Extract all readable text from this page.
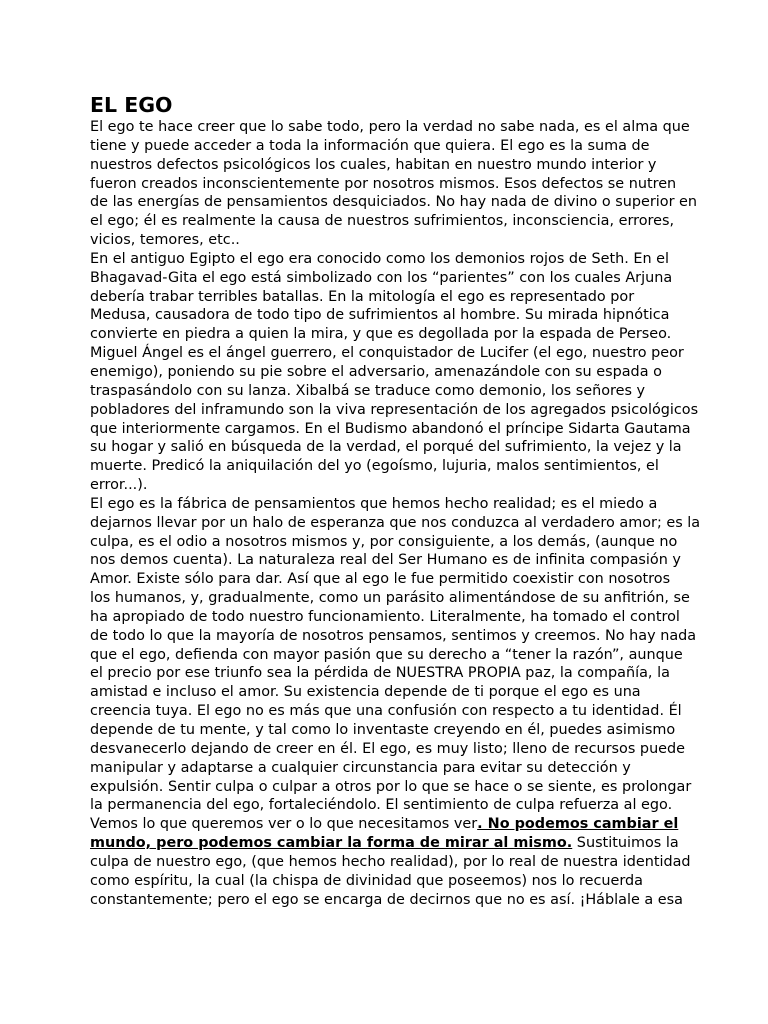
EL EGO
El ego te hace creer que lo sabe todo, pero la verdad no sabe nada, es el alma que
tiene y puede acceder a toda la información que quiera. El ego es la suma de
nuestros defectos psicológicos los cuales, habitan en nuestro mundo interior y
fueron creados inconscientemente por nosotros mismos. Esos defectos se nutren
de las energías de pensamientos desquiciados. No hay nada de divino o superior en
el ego; él es realmente la causa de nuestros sufrimientos, inconsciencia, errores,
vicios, temores, etc..
En el antiguo Egipto el ego era conocido como los demonios rojos de Seth. En el
Bhagavad-Gita el ego está simbolizado con los “parientes” con los cuales Arjuna
debería trabar terribles batallas. En la mitología el ego es representado por
Medusa, causadora de todo tipo de sufrimientos al hombre. Su mirada hipnótica
convierte en piedra a quien la mira, y que es degollada por la espada de Perseo.
Miguel Ángel es el ángel guerrero, el conquistador de Lucifer (el ego, nuestro peor
enemigo), poniendo su pie sobre el adversario, amenazándole con su espada o
traspasándolo con su lanza. Xibalbá se traduce como demonio, los señores y
pobladores del inframundo son la viva representación de los agregados psicológicos
que interiormente cargamos. En el Budismo abandonó el príncipe Sidarta Gautama
su hogar y salió en búsqueda de la verdad, el porqué del sufrimiento, la vejez y la
muerte. Predicó la aniquilación del yo (egoísmo, lujuria, malos sentimientos, el
error...).
El ego es la fábrica de pensamientos que hemos hecho realidad; es el miedo a
dejarnos llevar por un halo de esperanza que nos conduzca al verdadero amor; es la
culpa, es el odio a nosotros mismos y, por consiguiente, a los demás, (aunque no
nos demos cuenta). La naturaleza real del Ser Humano es de infinita compasión y
Amor. Existe sólo para dar. Así que al ego le fue permitido coexistir con nosotros
los humanos, y, gradualmente, como un parásito alimentándose de su anfitrión, se
ha apropiado de todo nuestro funcionamiento. Literalmente, ha tomado el control
de todo lo que la mayoría de nosotros pensamos, sentimos y creemos. No hay nada
que el ego, defienda con mayor pasión que su derecho a “tener la razón”, aunque
el precio por ese triunfo sea la pérdida de NUESTRA PROPIA paz, la compañía, la
amistad e incluso el amor. Su existencia depende de ti porque el ego es una
creencia tuya. El ego no es más que una confusión con respecto a tu identidad. Él
depende de tu mente, y tal como lo inventaste creyendo en él, puedes asimismo
desvanecerlo dejando de creer en él. El ego, es muy listo; lleno de recursos puede
manipular y adaptarse a cualquier circunstancia para evitar su detección y
expulsión. Sentir culpa o culpar a otros por lo que se hace o se siente, es prolongar
la permanencia del ego, fortaleciéndolo. El sentimiento de culpa refuerza al ego.
Vemos lo que queremos ver o lo que necesitamos ver. No podemos cambiar el
mundo, pero podemos cambiar la forma de mirar al mismo. Sustituimos la
culpa de nuestro ego, (que hemos hecho realidad), por lo real de nuestra identidad
como espíritu, la cual (la chispa de divinidad que poseemos) nos lo recuerda
constantemente; pero el ego se encarga de decirnos que no es así. ¡Háblale a esa
